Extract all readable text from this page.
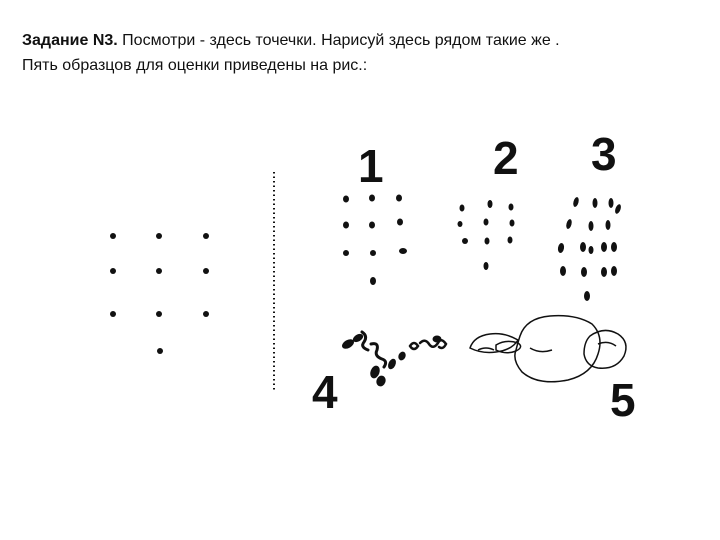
Задание N3. Посмотри - здесь точечки. Нарисуй здесь рядом такие же .
Пять образцов для оценки приведены на рис.:
1 2 3
4	5
